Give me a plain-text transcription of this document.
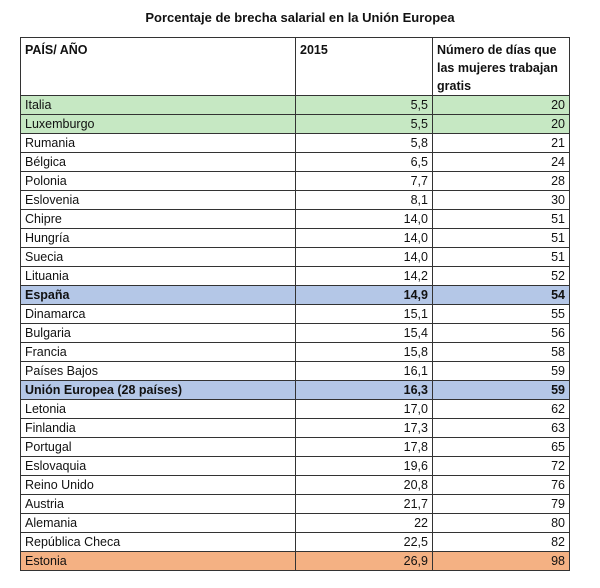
Porcentaje de brecha salarial en la Unión Europea
PAÍS/ AÑO	2015	Número de días que las mujeres trabajan gratis
Italia	5,5	20
Luxemburgo	5,5	20
Rumania	5,8	21
Bélgica	6,5	24
Polonia	7,7	28
Eslovenia	8,1	30
Chipre	14,0	51
Hungría	14,0	51
Suecia	14,0	51
Lituania	14,2	52
España	14,9	54
Dinamarca	15,1	55
Bulgaria	15,4	56
Francia	15,8	58
Países Bajos	16,1	59
Unión Europea (28 países)	16,3	59
Letonia	17,0	62
Finlandia	17,3	63
Portugal	17,8	65
Eslovaquia	19,6	72
Reino Unido	20,8	76
Austria	21,7	79
Alemania	22	80
República Checa	22,5	82
Estonia	26,9	98
